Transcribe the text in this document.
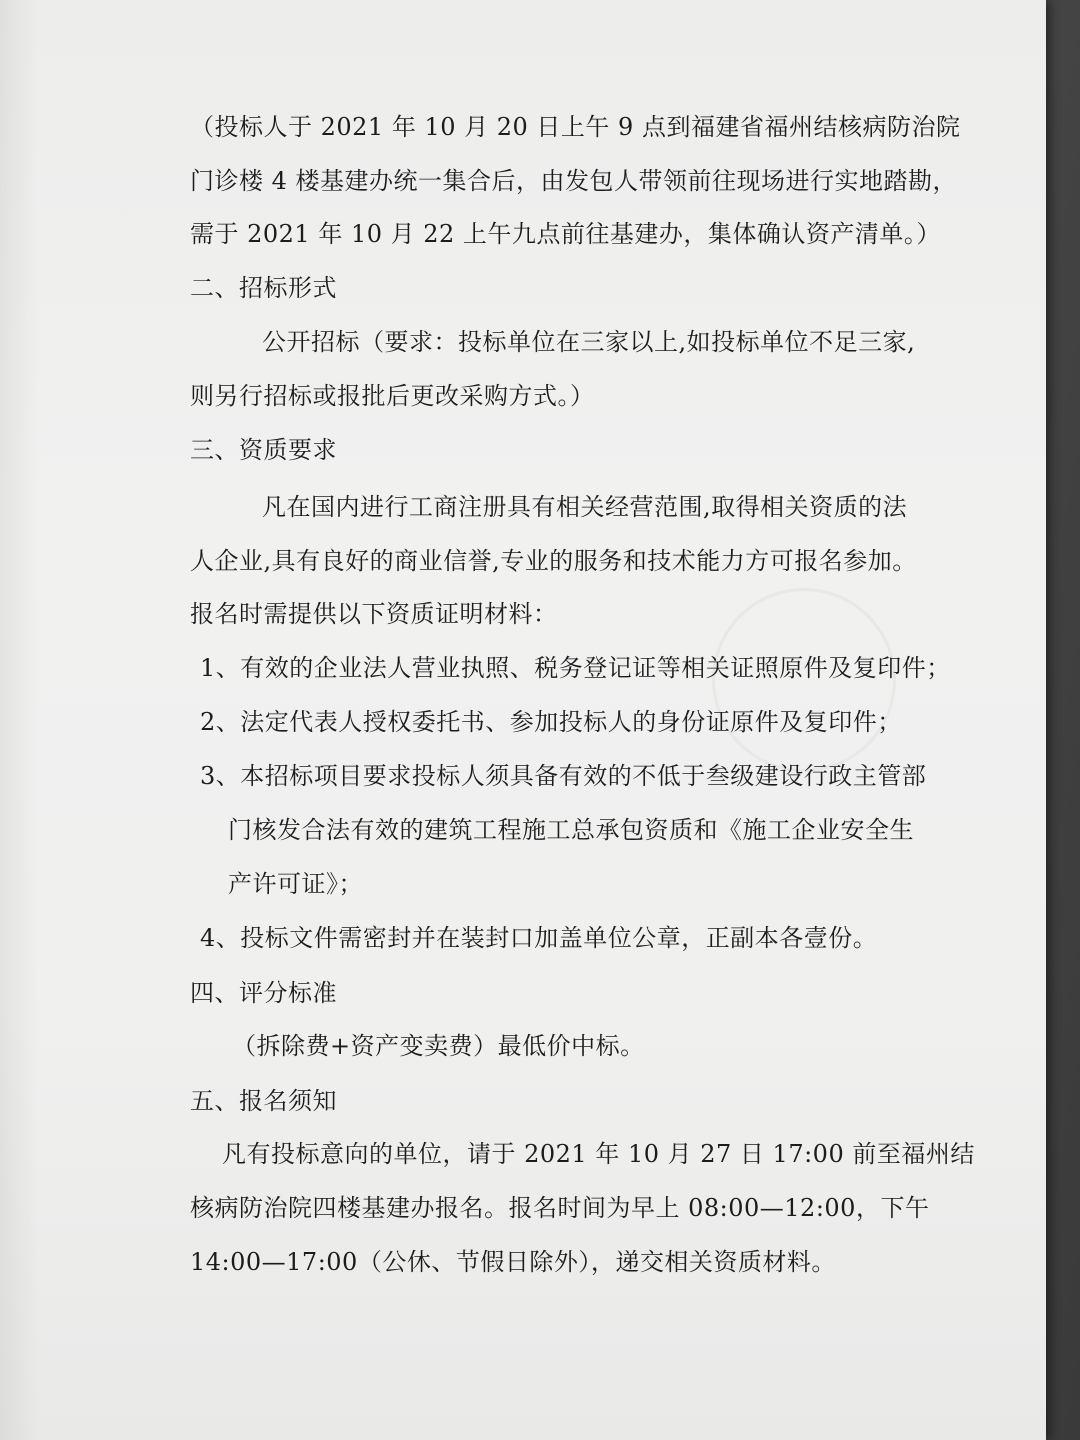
（投标人于 2021 年 10 月 20 日上午 9 点到福建省福州结核病防治院
门诊楼 4 楼基建办统一集合后，由发包人带领前往现场进行实地踏勘，
需于 2021 年 10 月 22 上午九点前往基建办，集体确认资产清单。）
二、招标形式
公开招标（要求：投标单位在三家以上,如投标单位不足三家,
则另行招标或报批后更改采购方式。）
三、资质要求
凡在国内进行工商注册具有相关经营范围,取得相关资质的法
人企业,具有良好的商业信誉,专业的服务和技术能力方可报名参加。
报名时需提供以下资质证明材料：
1、有效的企业法人营业执照、税务登记证等相关证照原件及复印件；
2、法定代表人授权委托书、参加投标人的身份证原件及复印件；
3、本招标项目要求投标人须具备有效的不低于叁级建设行政主管部
门核发合法有效的建筑工程施工总承包资质和《施工企业安全生
产许可证》；
4、投标文件需密封并在装封口加盖单位公章，正副本各壹份。
四、评分标准
（拆除费+资产变卖费）最低价中标。
五、报名须知
凡有投标意向的单位，请于 2021 年 10 月 27 日 17:00 前至福州结
核病防治院四楼基建办报名。报名时间为早上 08:00—12:00，下午
14:00—17:00（公休、节假日除外），递交相关资质材料。
